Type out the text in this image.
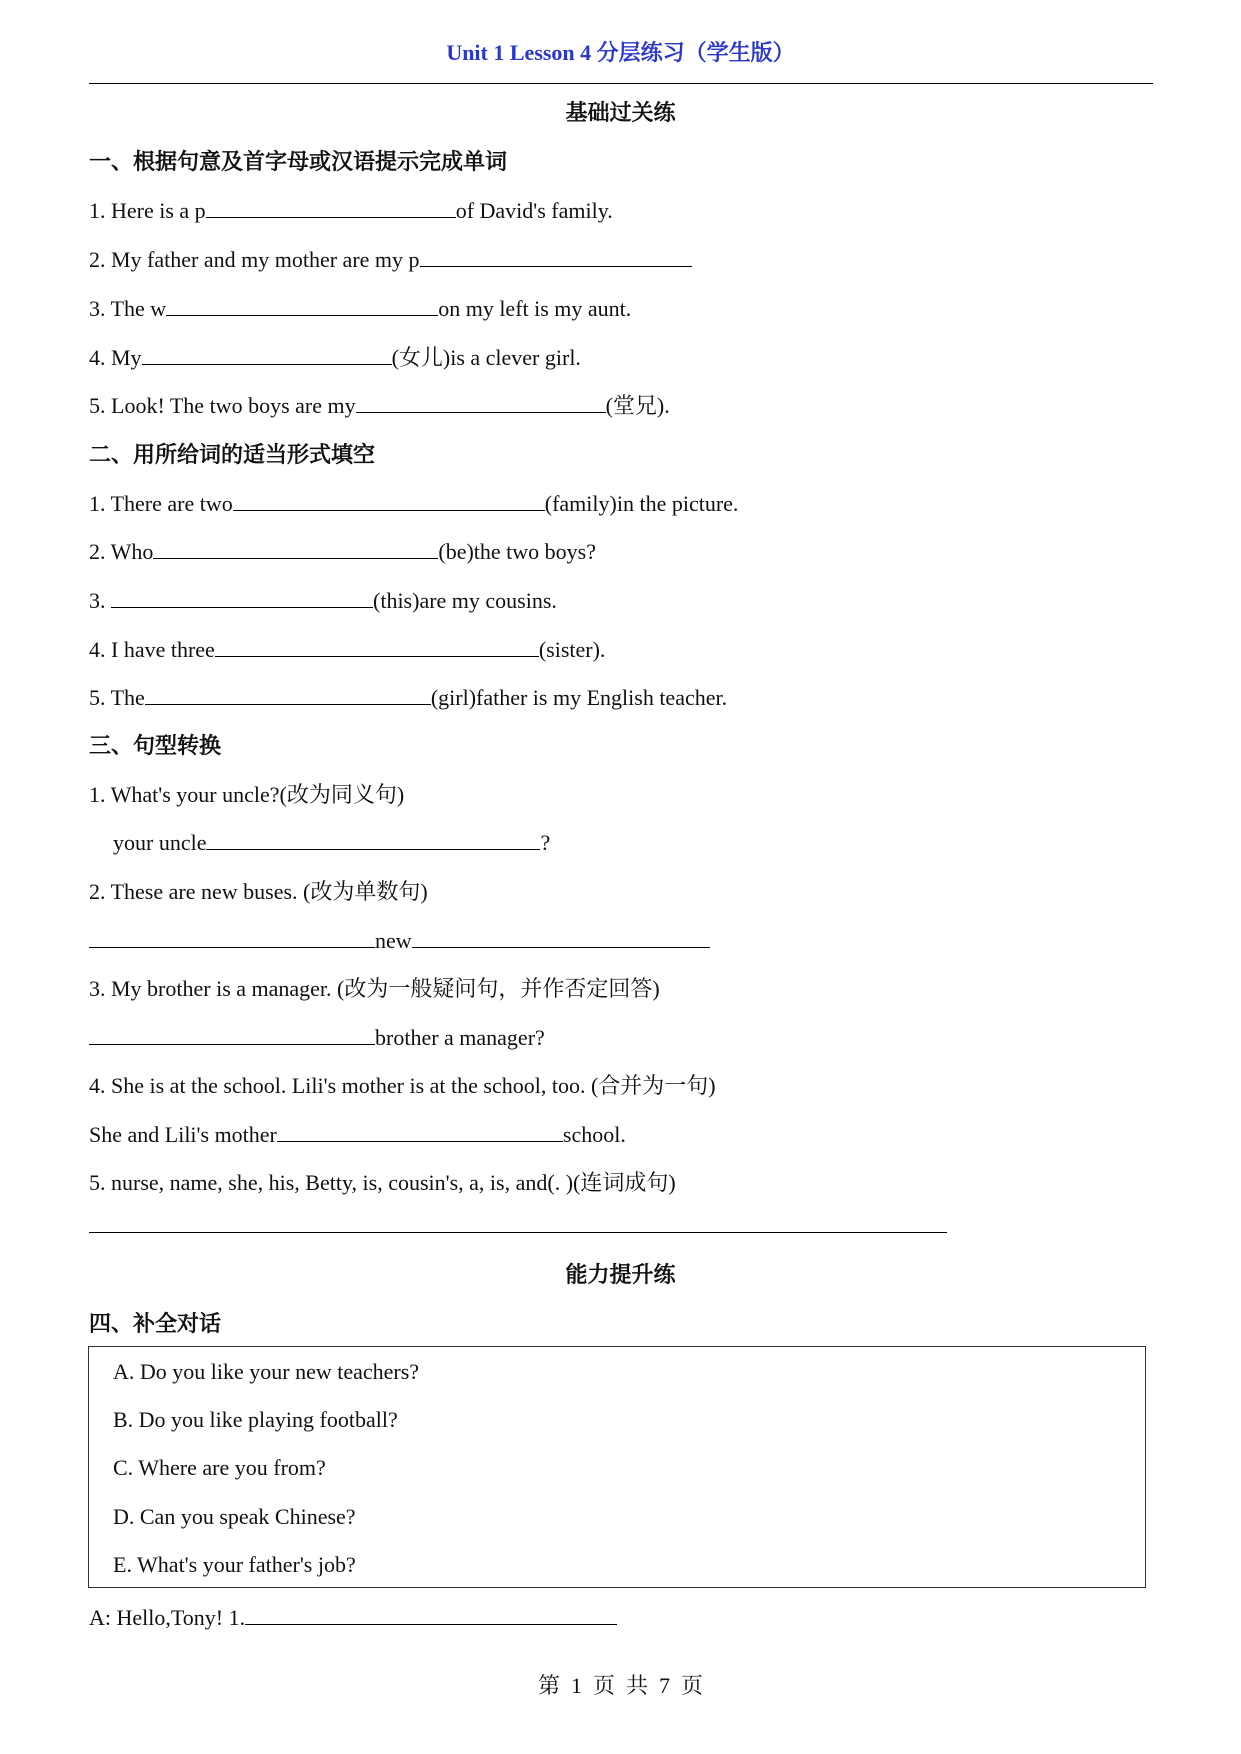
Unit 1 Lesson 4 分层练习（学生版）
基础过关练
一、根据句意及首字母或汉语提示完成单词
1. Here is a p	of David's family.
2. My father and my mother are my p
3. The w	on my left is my aunt.
4. My	(女儿)is a clever girl.
5. Look! The two boys are my	(堂兄).
二、用所给词的适当形式填空
1. There are two	(family)in the picture.
2. Who	(be)the two boys?
3.	(this)are my cousins.
4. I have three	(sister).
5. The	(girl)father is my English teacher.
三、句型转换
1. What's your uncle?(改为同义句)
your uncle	?
2. These are new buses. (改为单数句)
new
3. My brother is a manager. (改为一般疑问句，并作否定回答)
brother a manager?
4. She is at the school. Lili's mother is at the school, too. (合并为一句)
She and Lili's mother	school.
5. nurse, name, she, his, Betty, is, cousin's, a, is, and(. )(连词成句)
能力提升练
四、补全对话
A. Do you like your new teachers?
B. Do you like playing football?
C. Where are you from?
D. Can you speak Chinese?
E. What's your father's job?
A: Hello,Tony! 1.
第  1  页  共  7  页
